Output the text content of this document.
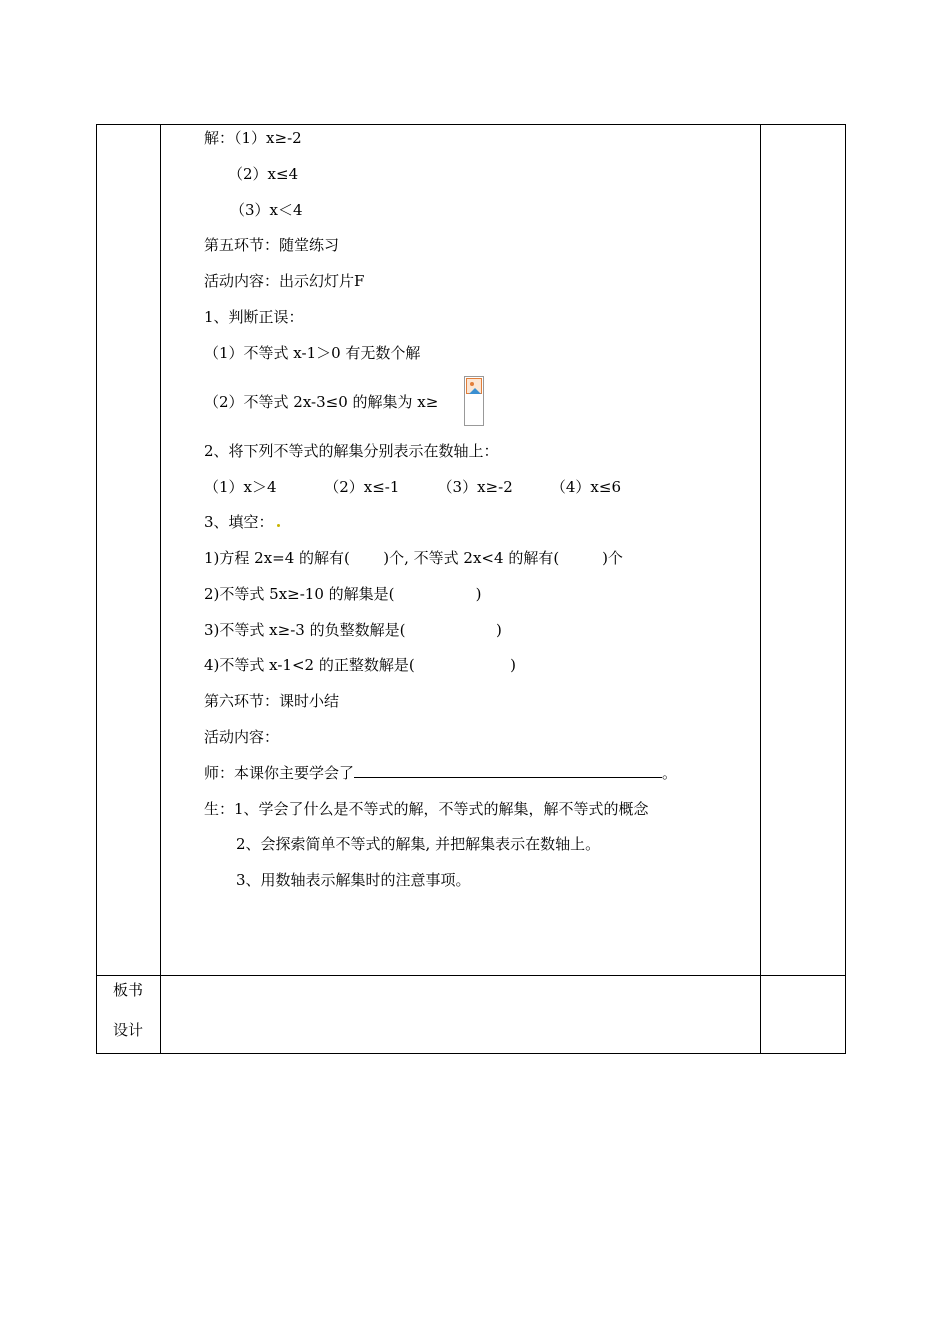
解：（1）x≥-2
（2）x≤4
（3）x＜4
第五环节：随堂练习
活动内容：出示幻灯片F
1、判断正误：
（1）不等式 x-1＞0 有无数个解
（2）不等式 2x-3≤0 的解集为 x≥
2、将下列不等式的解集分别表示在数轴上：
（1）x＞4          （2）x≤-1        （3）x≥-2        （4）x≤6
3、填空：
1)方程 2x=4 的解有(       )个, 不等式 2x<4 的解有(         )个
2)不等式 5x≥-10 的解集是(                 )
3)不等式 x≥-3 的负整数解是(                   )
4)不等式 x-1<2 的正整数解是(                    )
第六环节：课时小结
活动内容：
师：本课你主要学会了	。
生：1、学会了什么是不等式的解，不等式的解集，解不等式的概念
2、会探索简单不等式的解集, 并把解集表示在数轴上。
3、用数轴表示解集时的注意事项。
板书
设计
